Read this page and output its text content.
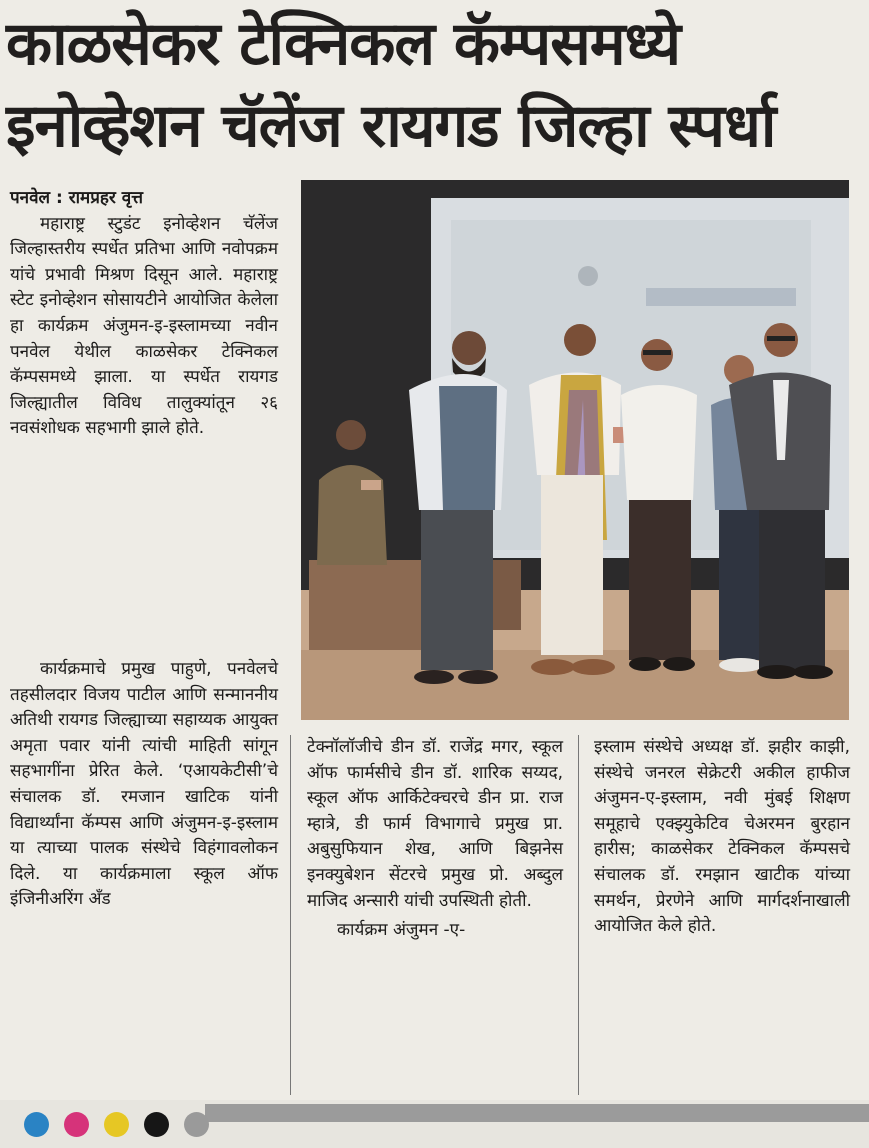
काळसेकर टेक्निकल कॅम्पसमध्ये
इनोव्हेशन चॅलेंज रायगड जिल्हा स्पर्धा

पनवेल : रामप्रहर वृत्त

महाराष्ट्र स्टुडंट इनोव्हेशन चॅलेंज जिल्हास्तरीय स्पर्धेत प्रतिभा आणि नवोपक्रम यांचे प्रभावी मिश्रण दिसून आले. महाराष्ट्र स्टेट इनोव्हेशन सोसायटीने आयोजित केलेला हा कार्यक्रम अंजुमन-इ-इस्लामच्या नवीन पनवेल येथील काळसेकर टेक्निकल कॅम्पसमध्ये झाला. या स्पर्धेत रायगड जिल्ह्यातील विविध तालुक्यांतून २६ नवसंशोधक सहभागी झाले होते.

कार्यक्रमाचे प्रमुख पाहुणे, पनवेलचे तहसीलदार विजय पाटील आणि सन्माननीय अतिथी रायगड जिल्ह्याच्या सहाय्यक आयुक्त अमृता पवार यांनी त्यांची माहिती सांगून सहभागींना प्रेरित केले. ‘एआयकेटीसी’चे संचालक डॉ. रमजान खाटिक यांनी विद्यार्थ्यांना कॅम्पस आणि अंजुमन-इ-इस्लाम या त्याच्या पालक संस्थेचे विहंगावलोकन दिले. या कार्यक्रमाला स्कूल ऑफ इंजिनीअरिंग अँड

टेक्नॉलॉजीचे डीन डॉ. राजेंद्र मगर, स्कूल ऑफ फार्मसीचे डीन डॉ. शारिक सय्यद, स्कूल ऑफ आर्किटेक्चरचे डीन प्रा. राज म्हात्रे, डी फार्म विभागाचे प्रमुख प्रा. अबुसुफियान शेख, आणि बिझनेस इनक्युबेशन सेंटरचे प्रमुख प्रो. अब्दुल माजिद अन्सारी यांची उपस्थिती होती.

कार्यक्रम अंजुमन -ए-

इस्लाम संस्थेचे अध्यक्ष डॉ. झहीर काझी, संस्थेचे जनरल सेक्रेटरी अकील हाफीज अंजुमन-ए-इस्लाम, नवी मुंबई शिक्षण समूहाचे एक्झ्युकेटिव चेअरमन बुरहान हारीस; काळसेकर टेक्निकल कॅम्पसचे संचालक डॉ. रमझान खाटीक यांच्या समर्थन, प्रेरणेने आणि मार्गदर्शनाखाली आयोजित केले होते.
